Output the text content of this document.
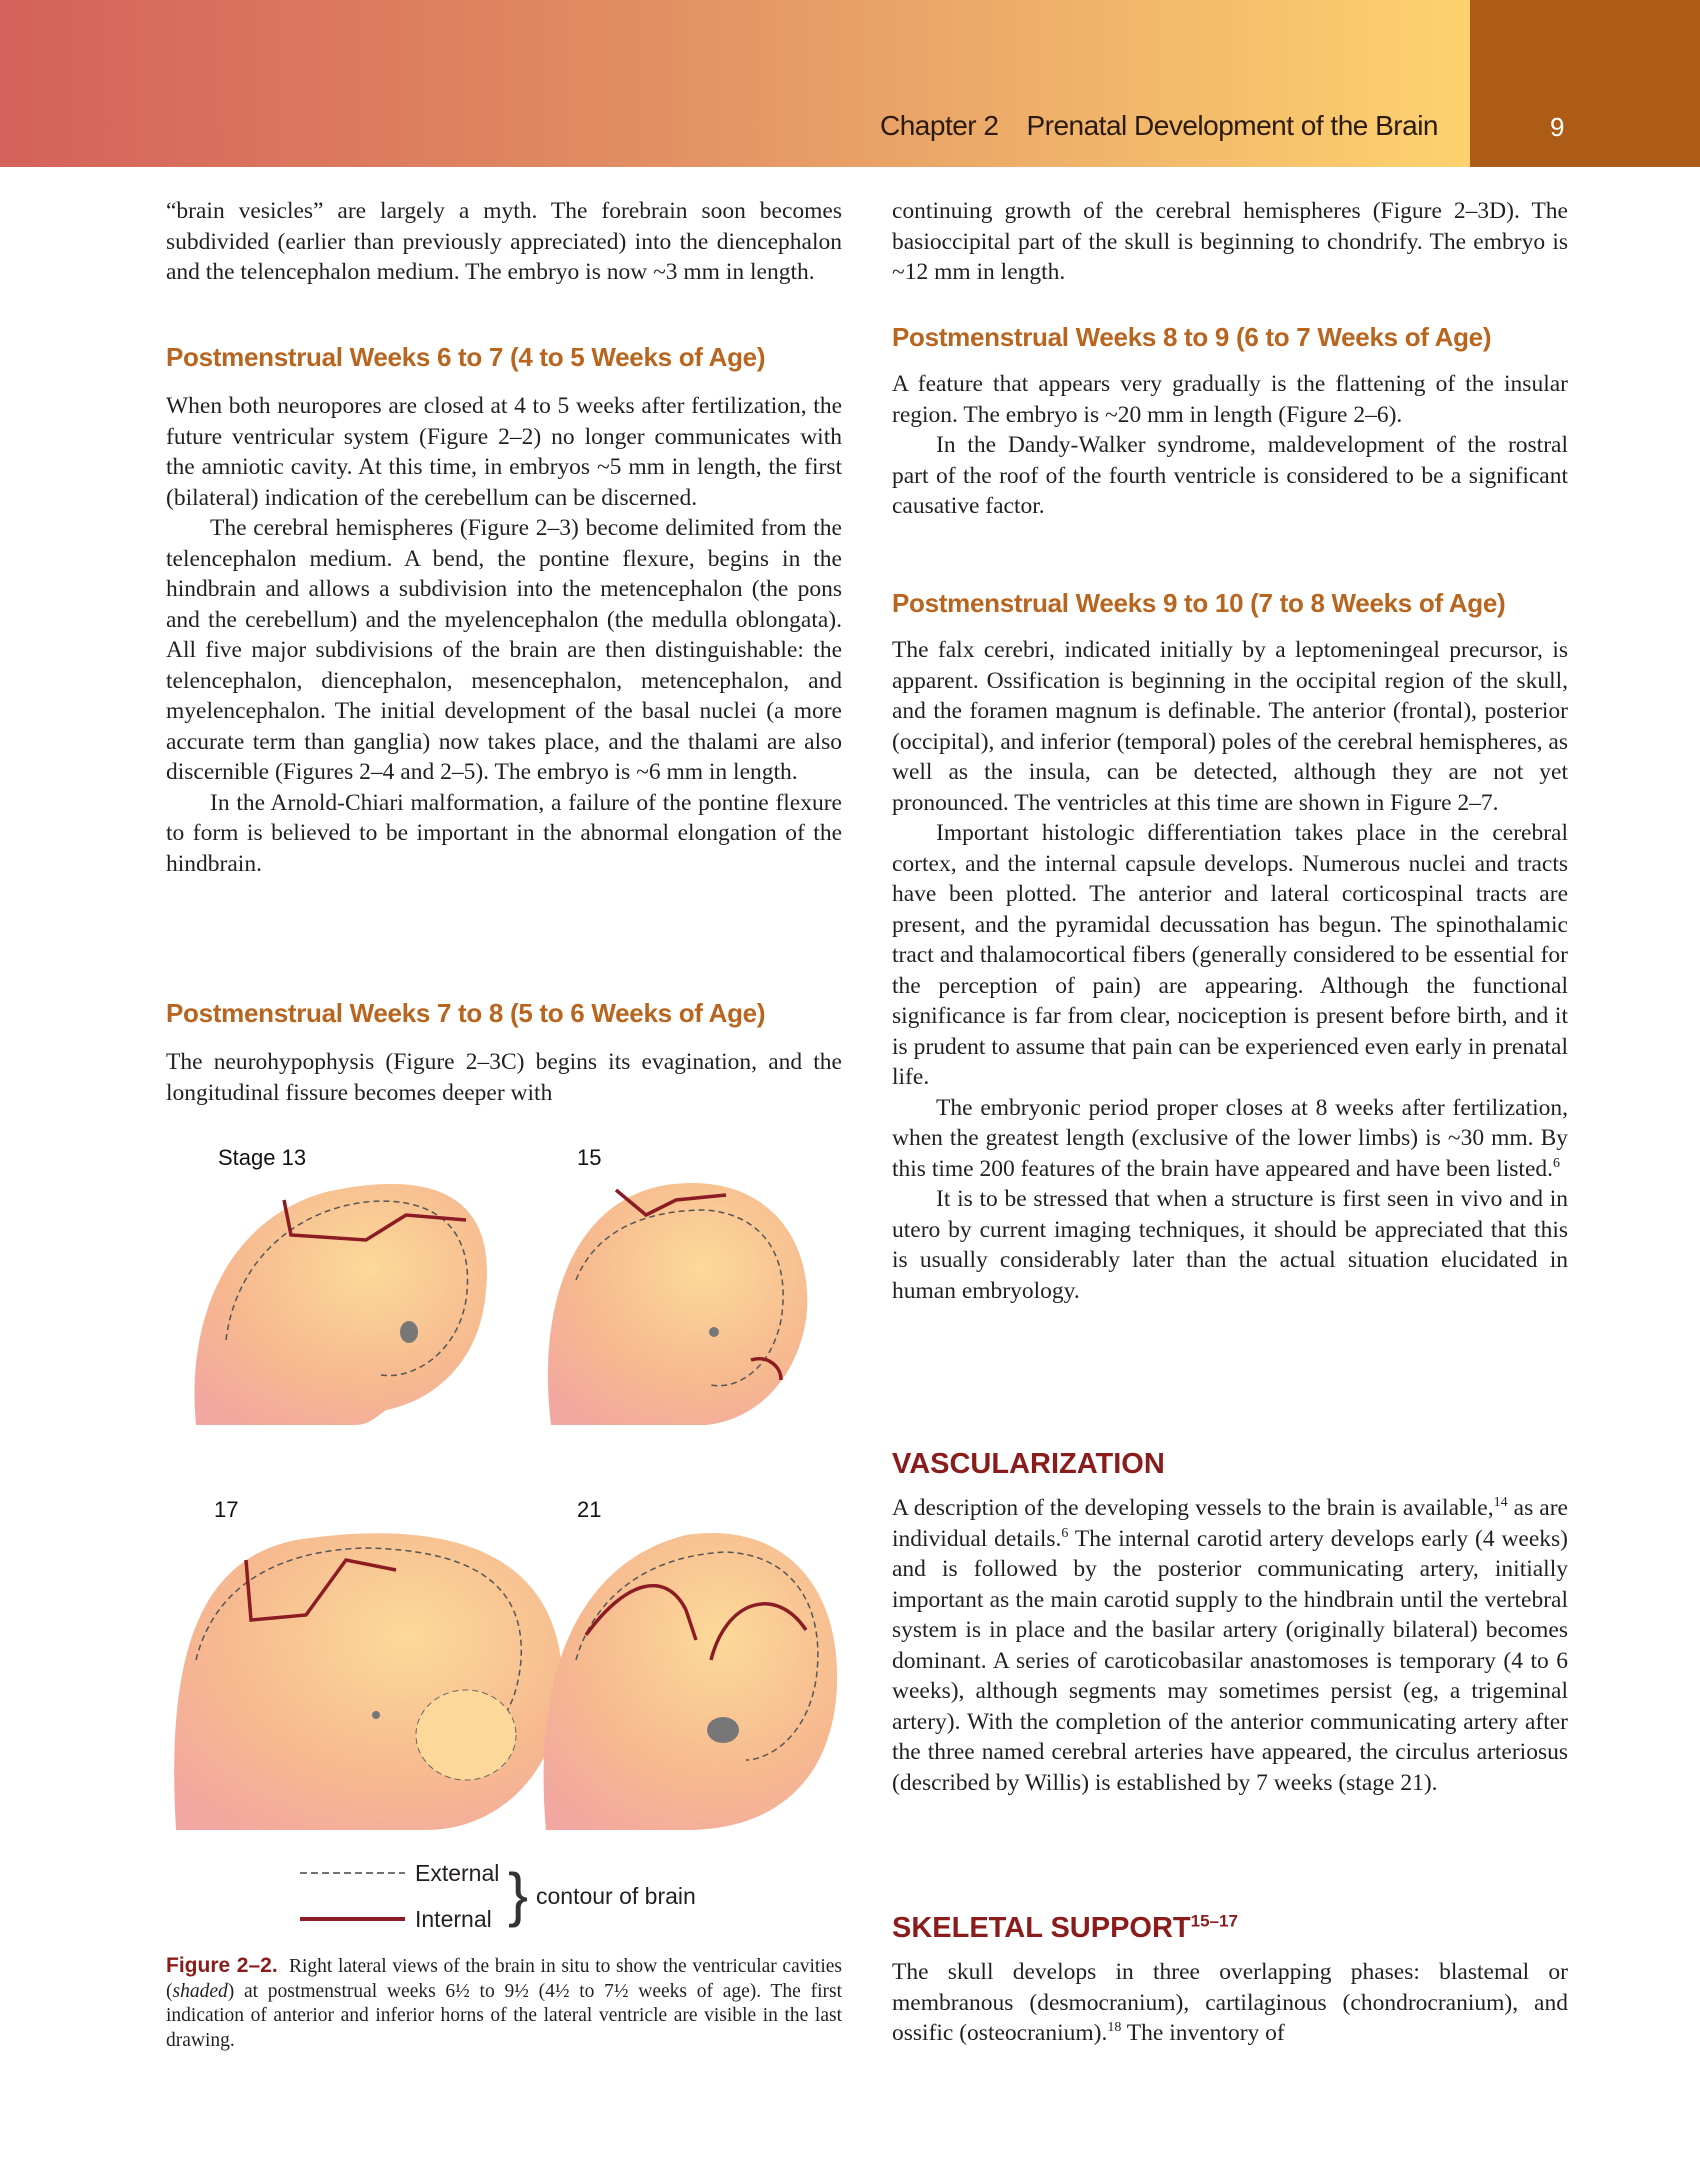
Chapter 2 Prenatal Development of the Brain	9

“brain vesicles” are largely a myth. The forebrain soon becomes subdivided (earlier than previously appreciated) into the diencephalon and the telencephalon medium. The embryo is now ~3 mm in length.

Postmenstrual Weeks 6 to 7 (4 to 5 Weeks of Age)

When both neuropores are closed at 4 to 5 weeks after fertilization, the future ventricular system (Figure 2–2) no longer communicates with the amniotic cavity. At this time, in embryos ~5 mm in length, the first (bilateral) indication of the cerebellum can be discerned.

The cerebral hemispheres (Figure 2–3) become delimited from the telencephalon medium. A bend, the pontine flexure, begins in the hindbrain and allows a subdivision into the metencephalon (the pons and the cerebellum) and the myelencephalon (the medulla oblongata). All five major subdivisions of the brain are then distinguishable: the telencephalon, diencephalon, mesencephalon, metencephalon, and myelencephalon. The initial development of the basal nuclei (a more accurate term than ganglia) now takes place, and the thalami are also discernible (Figures 2–4 and 2–5). The embryo is ~6 mm in length.

In the Arnold-Chiari malformation, a failure of the pontine flexure to form is believed to be important in the abnormal elongation of the hindbrain.

Postmenstrual Weeks 7 to 8 (5 to 6 Weeks of Age)

The neurohypophysis (Figure 2–3C) begins its evagination, and the longitudinal fissure becomes deeper with

Stage 13	15
17	21
External
Internal } contour of brain
Figure 2–2. Right lateral views of the brain in situ to show the ventricular cavities (shaded) at postmenstrual weeks 6½ to 9½ (4½ to 7½ weeks of age). The first indication of anterior and inferior horns of the lateral ventricle are visible in the last drawing.

continuing growth of the cerebral hemispheres (Figure 2–3D). The basioccipital part of the skull is beginning to chondrify. The embryo is ~12 mm in length.

Postmenstrual Weeks 8 to 9 (6 to 7 Weeks of Age)

A feature that appears very gradually is the flattening of the insular region. The embryo is ~20 mm in length (Figure 2–6).

In the Dandy-Walker syndrome, maldevelopment of the rostral part of the roof of the fourth ventricle is considered to be a significant causative factor.

Postmenstrual Weeks 9 to 10 (7 to 8 Weeks of Age)

The falx cerebri, indicated initially by a leptomeningeal precursor, is apparent. Ossification is beginning in the occipital region of the skull, and the foramen magnum is definable. The anterior (frontal), posterior (occipital), and inferior (temporal) poles of the cerebral hemispheres, as well as the insula, can be detected, although they are not yet pronounced. The ventricles at this time are shown in Figure 2–7.

Important histologic differentiation takes place in the cerebral cortex, and the internal capsule develops. Numerous nuclei and tracts have been plotted. The anterior and lateral corticospinal tracts are present, and the pyramidal decussation has begun. The spinothalamic tract and thalamocortical fibers (generally considered to be essential for the perception of pain) are appearing. Although the functional significance is far from clear, nociception is present before birth, and it is prudent to assume that pain can be experienced even early in prenatal life.

The embryonic period proper closes at 8 weeks after fertilization, when the greatest length (exclusive of the lower limbs) is ~30 mm. By this time 200 features of the brain have appeared and have been listed.$^6$

It is to be stressed that when a structure is first seen in vivo and in utero by current imaging techniques, it should be appreciated that this is usually considerably later than the actual situation elucidated in human embryology.

VASCULARIZATION

A description of the developing vessels to the brain is available,$^{14}$ as are individual details.$^6$ The internal carotid artery develops early (4 weeks) and is followed by the posterior communicating artery, initially important as the main carotid supply to the hindbrain until the vertebral system is in place and the basilar artery (originally bilateral) becomes dominant. A series of caroticobasilar anastomoses is temporary (4 to 6 weeks), although segments may sometimes persist (eg, a trigeminal artery). With the completion of the anterior communicating artery after the three named cerebral arteries have appeared, the circulus arteriosus (described by Willis) is established by 7 weeks (stage 21).

SKELETAL SUPPORT$^{15-17}$

The skull develops in three overlapping phases: blastemal or membranous (desmocranium), cartilaginous (chondrocranium), and ossific (osteocranium).$^{18}$ The inventory of
